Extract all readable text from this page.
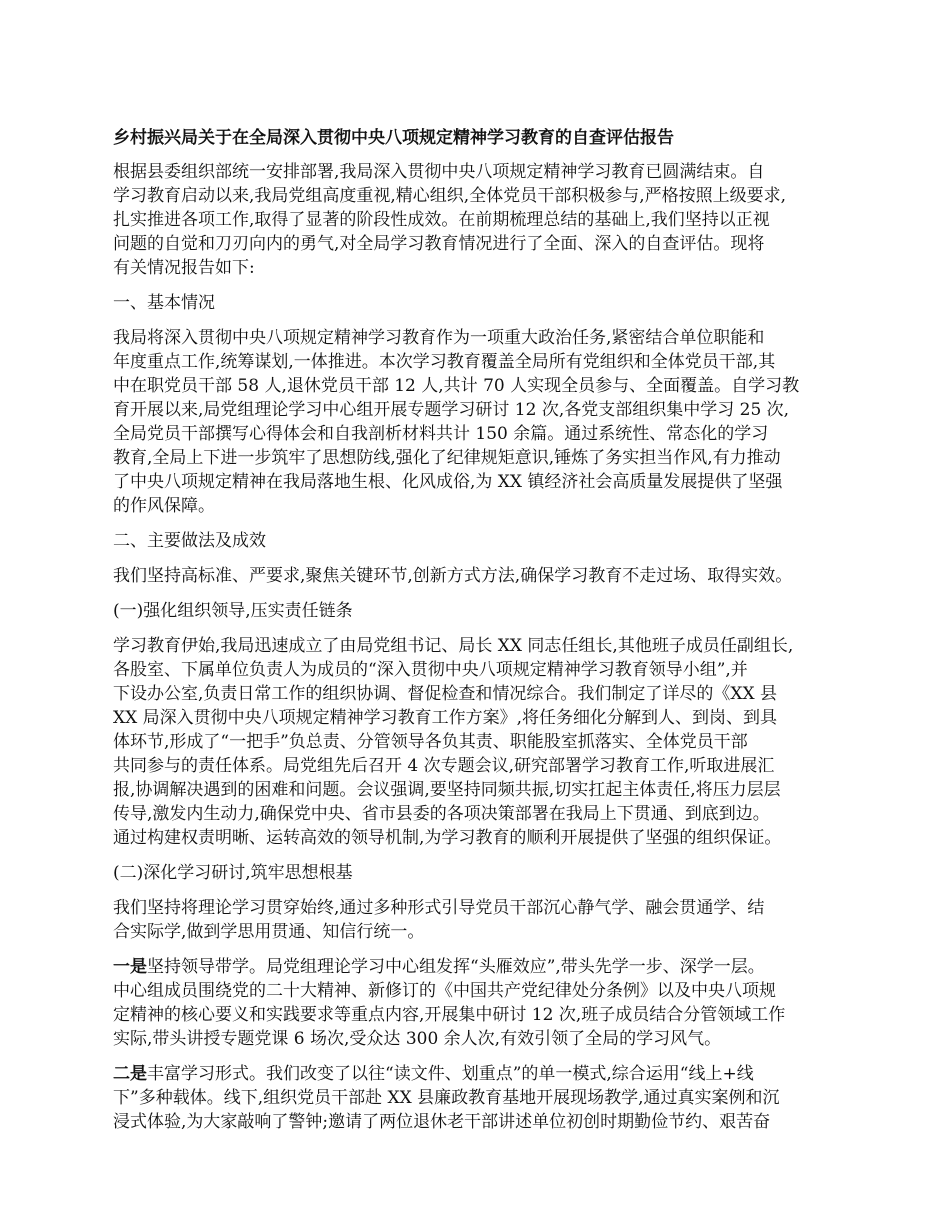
乡村振兴局关于在全局深入贯彻中央八项规定精神学习教育的自查评估报告
根据县委组织部统一安排部署,我局深入贯彻中央八项规定精神学习教育已圆满结束。自
学习教育启动以来,我局党组高度重视,精心组织,全体党员干部积极参与,严格按照上级要求,
扎实推进各项工作,取得了显著的阶段性成效。在前期梳理总结的基础上,我们坚持以正视
问题的自觉和刀刃向内的勇气,对全局学习教育情况进行了全面、深入的自查评估。现将
有关情况报告如下:
一、基本情况
我局将深入贯彻中央八项规定精神学习教育作为一项重大政治任务,紧密结合单位职能和
年度重点工作,统筹谋划,一体推进。本次学习教育覆盖全局所有党组织和全体党员干部,其
中在职党员干部 58 人,退休党员干部 12 人,共计 70 人实现全员参与、全面覆盖。自学习教
育开展以来,局党组理论学习中心组开展专题学习研讨 12 次,各党支部组织集中学习 25 次,
全局党员干部撰写心得体会和自我剖析材料共计 150 余篇。通过系统性、常态化的学习
教育,全局上下进一步筑牢了思想防线,强化了纪律规矩意识,锤炼了务实担当作风,有力推动
了中央八项规定精神在我局落地生根、化风成俗,为 XX 镇经济社会高质量发展提供了坚强
的作风保障。
二、主要做法及成效
我们坚持高标准、严要求,聚焦关键环节,创新方式方法,确保学习教育不走过场、取得实效。
(一)强化组织领导,压实责任链条
学习教育伊始,我局迅速成立了由局党组书记、局长 XX 同志任组长,其他班子成员任副组长,
各股室、下属单位负责人为成员的“深入贯彻中央八项规定精神学习教育领导小组”,并
下设办公室,负责日常工作的组织协调、督促检查和情况综合。我们制定了详尽的《XX 县
XX 局深入贯彻中央八项规定精神学习教育工作方案》,将任务细化分解到人、到岗、到具
体环节,形成了“一把手”负总责、分管领导各负其责、职能股室抓落实、全体党员干部
共同参与的责任体系。局党组先后召开 4 次专题会议,研究部署学习教育工作,听取进展汇
报,协调解决遇到的困难和问题。会议强调,要坚持同频共振,切实扛起主体责任,将压力层层
传导,激发内生动力,确保党中央、省市县委的各项决策部署在我局上下贯通、到底到边。
通过构建权责明晰、运转高效的领导机制,为学习教育的顺利开展提供了坚强的组织保证。
(二)深化学习研讨,筑牢思想根基
我们坚持将理论学习贯穿始终,通过多种形式引导党员干部沉心静气学、融会贯通学、结
合实际学,做到学思用贯通、知信行统一。
一是坚持领导带学。局党组理论学习中心组发挥“头雁效应”,带头先学一步、深学一层。
中心组成员围绕党的二十大精神、新修订的《中国共产党纪律处分条例》以及中央八项规
定精神的核心要义和实践要求等重点内容,开展集中研讨 12 次,班子成员结合分管领域工作
实际,带头讲授专题党课 6 场次,受众达 300 余人次,有效引领了全局的学习风气。
二是丰富学习形式。我们改变了以往“读文件、划重点”的单一模式,综合运用“线上+线
下”多种载体。线下,组织党员干部赴 XX 县廉政教育基地开展现场教学,通过真实案例和沉
浸式体验,为大家敲响了警钟;邀请了两位退休老干部讲述单位初创时期勤俭节约、艰苦奋
